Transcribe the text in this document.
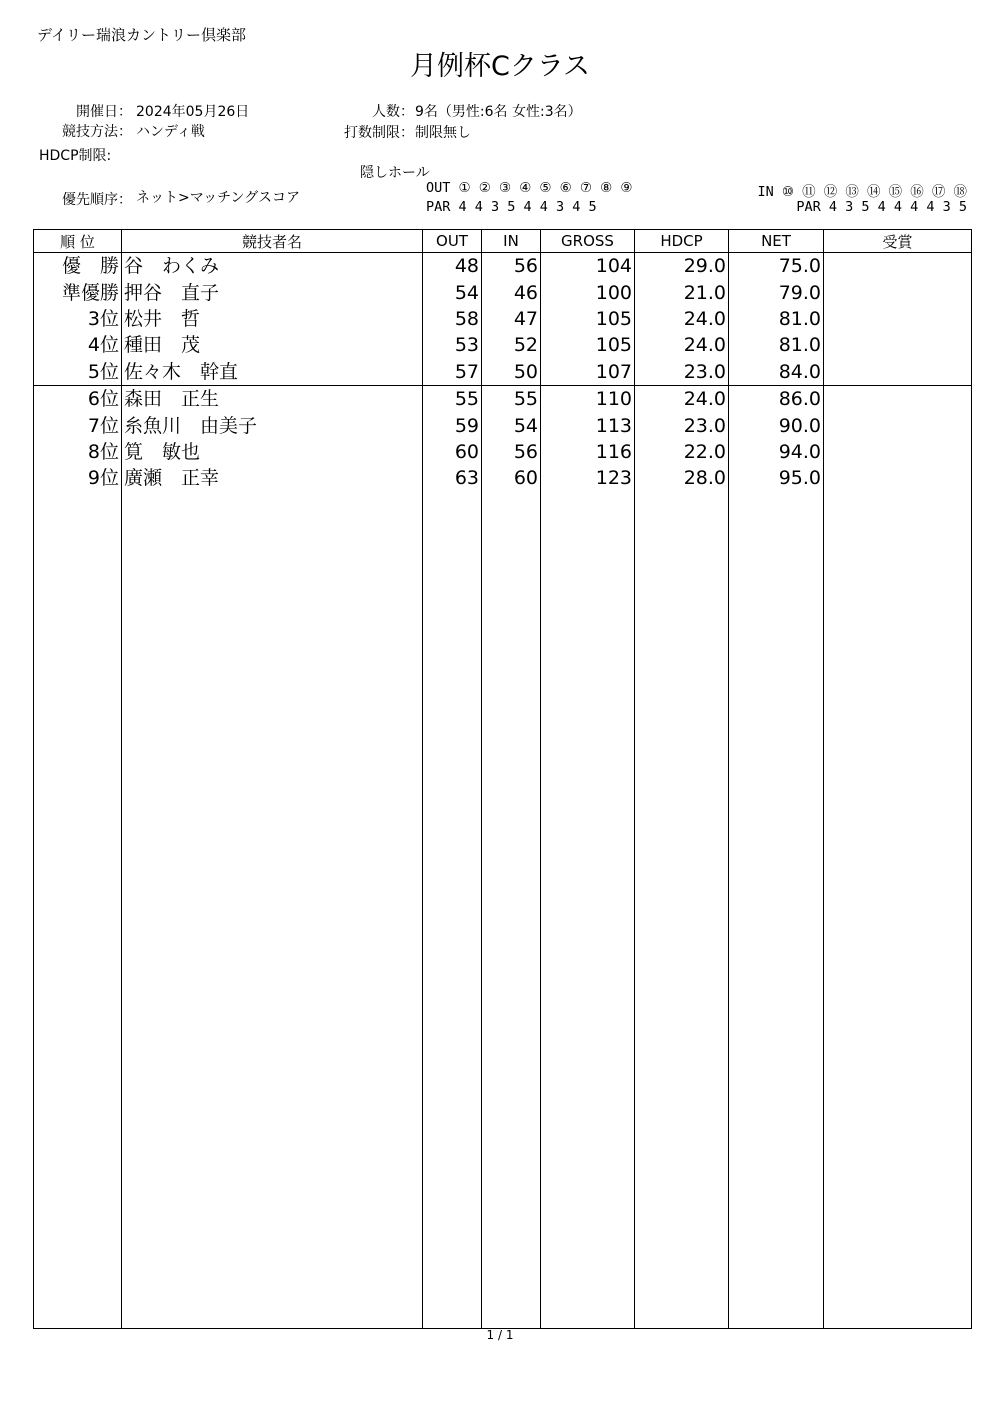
デイリー瑞浪カントリー倶楽部
月例杯Cクラス
開催日： 2024年05月26日
競技方法： ハンディ戦
HDCP制限:
人数： 9名（男性:6名 女性:3名）
打数制限： 制限無し
隠しホール
優先順序： ネット>マッチングスコア
OUT ① ② ③ ④ ⑤ ⑥ ⑦ ⑧ ⑨
PAR 4 4 3 5 4 4 3 4 5
IN ⑩ ⑪ ⑫ ⑬ ⑭ ⑮ ⑯ ⑰ ⑱
PAR 4 3 5 4 4 4 4 3 5
順 位	競技者名	OUT	IN	GROSS	HDCP	NET	受賞
優　勝	谷　わくみ	48	56	104	29.0	75.0	
準優勝	押谷　直子	54	46	100	21.0	79.0	
3位	松井　哲	58	47	105	24.0	81.0	
4位	種田　茂	53	52	105	24.0	81.0	
5位	佐々木　幹直	57	50	107	23.0	84.0	
6位	森田　正生	55	55	110	24.0	86.0	
7位	糸魚川　由美子	59	54	113	23.0	90.0	
8位	筧　敏也	60	56	116	22.0	94.0	
9位	廣瀬　正幸	63	60	123	28.0	95.0	

1 / 1
